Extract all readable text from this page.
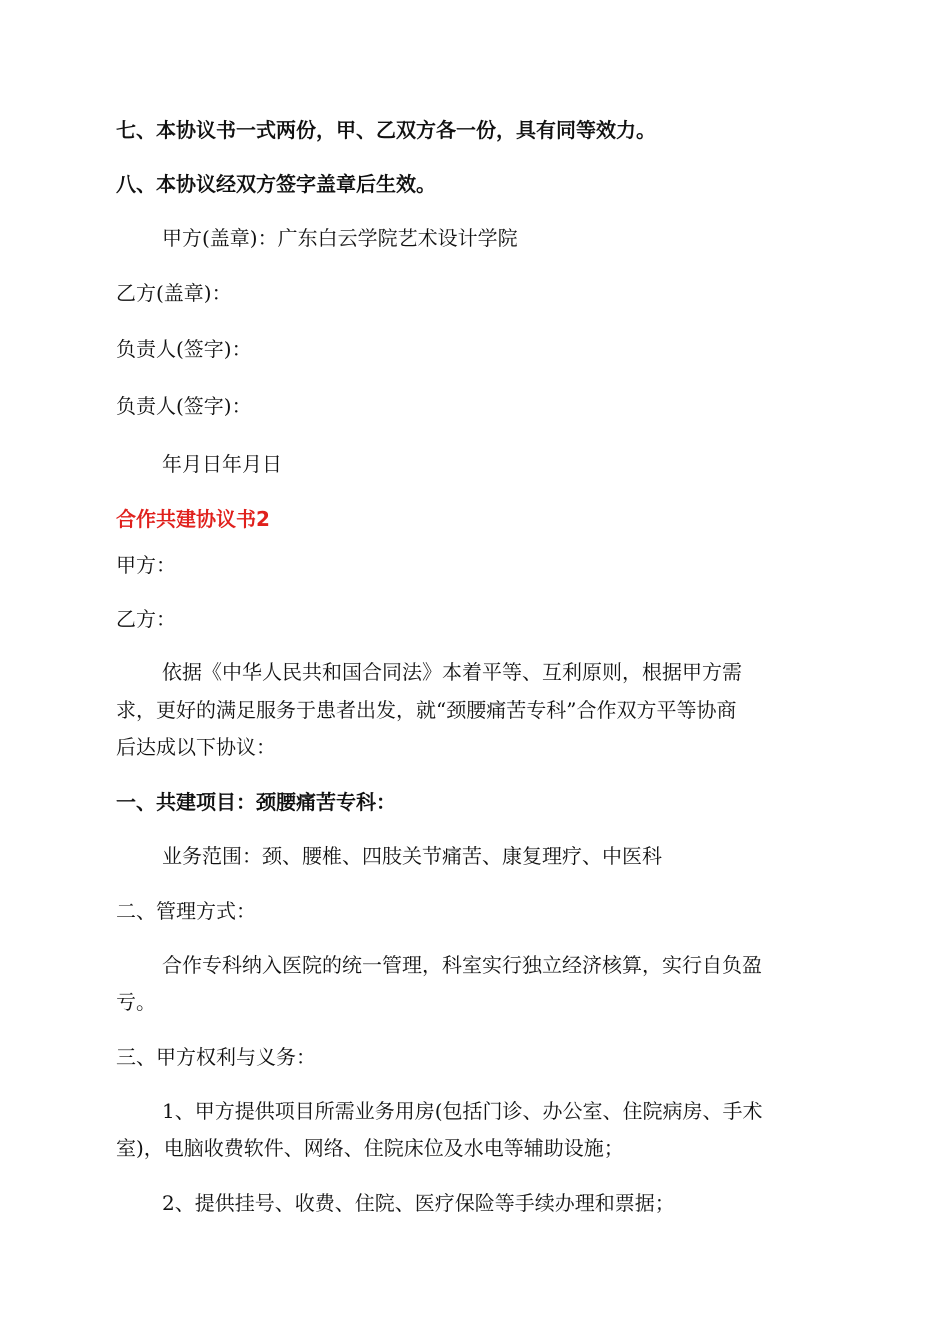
七、本协议书一式两份，甲、乙双方各一份，具有同等效力。
八、本协议经双方签字盖章后生效。
甲方(盖章)：广东白云学院艺术设计学院
乙方(盖章)：
负责人(签字)：
负责人(签字)：
年月日年月日
合作共建协议书2
甲方：
乙方：
依据《中华人民共和国合同法》本着平等、互利原则，根据甲方需
求，更好的满足服务于患者出发，就“颈腰痛苦专科”合作双方平等协商
后达成以下协议：
一、共建项目：颈腰痛苦专科：
业务范围：颈、腰椎、四肢关节痛苦、康复理疗、中医科
二、管理方式：
合作专科纳入医院的统一管理，科室实行独立经济核算，实行自负盈
亏。
三、甲方权利与义务：
1、甲方提供项目所需业务用房(包括门诊、办公室、住院病房、手术
室)，电脑收费软件、网络、住院床位及水电等辅助设施；
2、提供挂号、收费、住院、医疗保险等手续办理和票据；
